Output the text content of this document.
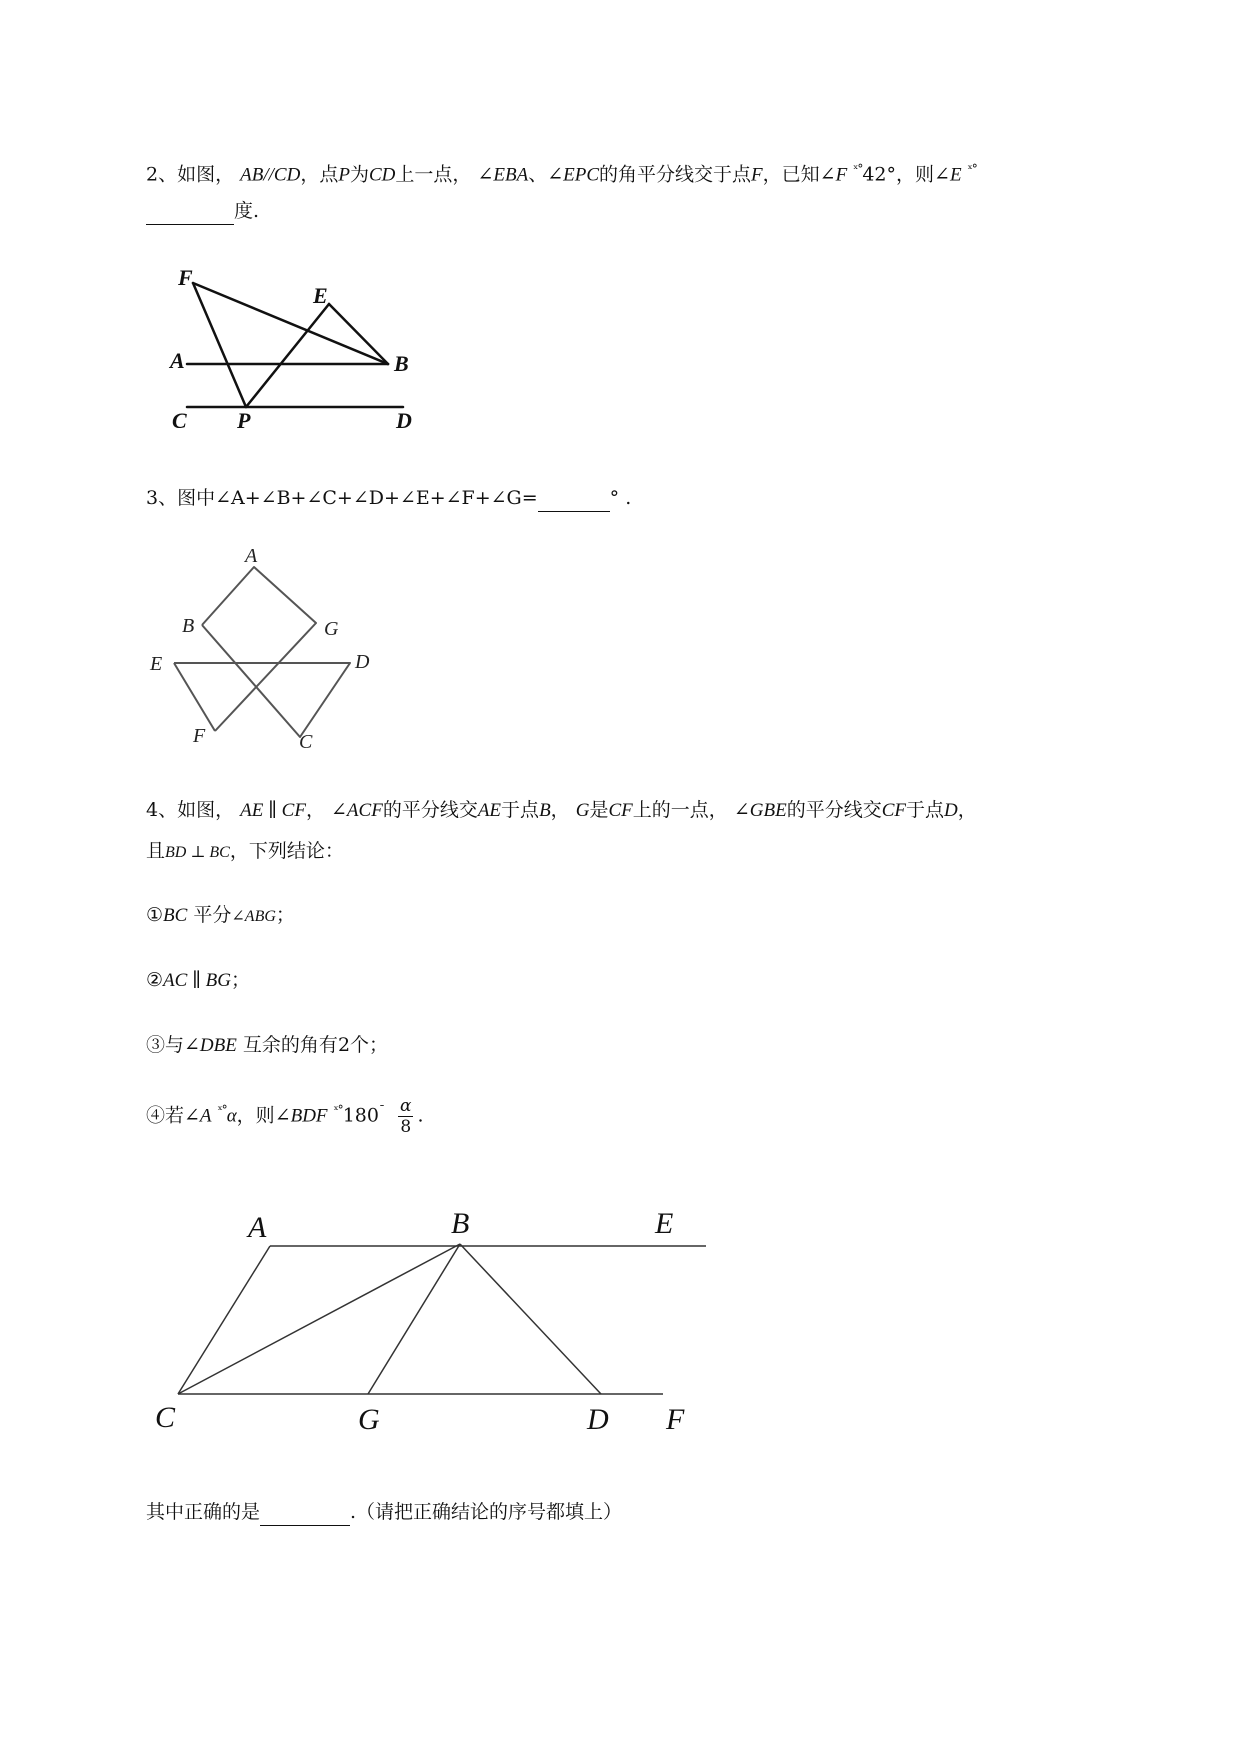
2、如图， AB//CD，点P为CD上一点， ∠EBA、∠EPC的角平分线交于点F，已知∠F $^{ˣ^\circ}$42°，则∠E $^{ˣ^\circ}$

度.

F
E
A	B
C P	D

3、图中∠A+∠B+∠C+∠D+∠E+∠F+∠G=	° .

A
B	G
E	D
F	C

4、如图， AE ∥ CF， ∠ACF的平分线交AE于点B， G是CF上的一点， ∠GBE的平分线交CF于点D，

且BD ⊥ BC，下列结论：

①BC 平分∠ABG；

②AC ∥ BG；

③与∠DBE 互余的角有2个；

④若∠A $^{ˣ^\circ}$α，则∠BDF $^{ˣ^\circ}180^¯ \frac{\alpha}{8}$ .

A	B	E
C	G	D F

其中正确的是	.（请把正确结论的序号都填上）
